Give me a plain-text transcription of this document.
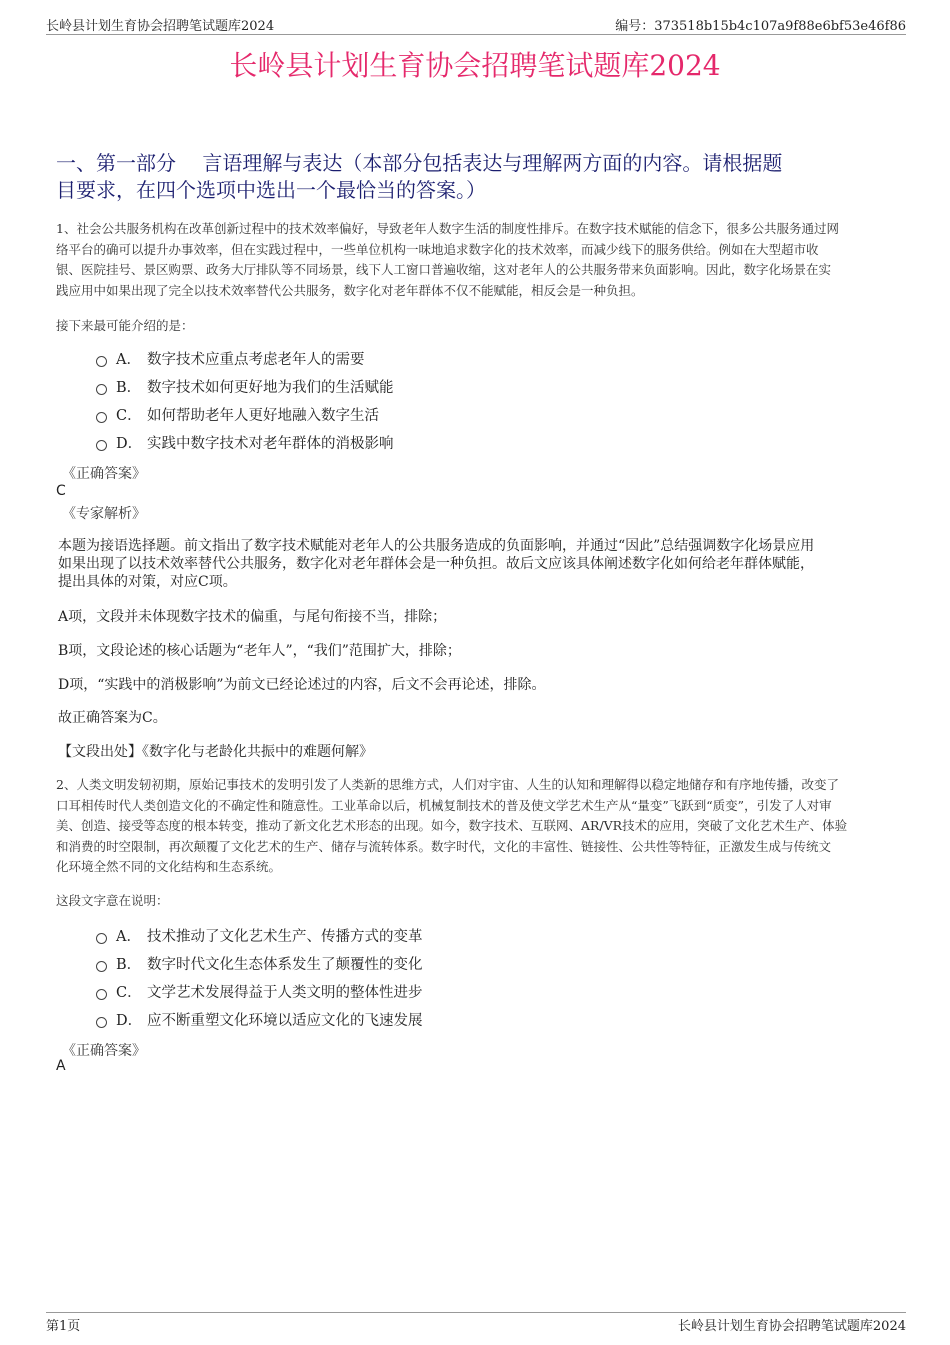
长岭县计划生育协会招聘笔试题库2024	编号：373518b15b4c107a9f88e6bf53e46f86
长岭县计划生育协会招聘笔试题库2024
一、第一部分　 言语理解与表达（本部分包括表达与理解两方面的内容。请根据题
目要求，在四个选项中选出一个最恰当的答案。）
1、社会公共服务机构在改革创新过程中的技术效率偏好，导致老年人数字生活的制度性排斥。在数字技术赋能的信念下，很多公共服务通过网
络平台的确可以提升办事效率，但在实践过程中，一些单位机构一味地追求数字化的技术效率，而减少线下的服务供给。例如在大型超市收
银、医院挂号、景区购票、政务大厅排队等不同场景，线下人工窗口普遍收缩，这对老年人的公共服务带来负面影响。因此，数字化场景在实
践应用中如果出现了完全以技术效率替代公共服务，数字化对老年群体不仅不能赋能，相反会是一种负担。
接下来最可能介绍的是：
A． 数字技术应重点考虑老年人的需要
B． 数字技术如何更好地为我们的生活赋能
C． 如何帮助老年人更好地融入数字生活
D． 实践中数字技术对老年群体的消极影响
《正确答案》
C
《专家解析》
本题为接语选择题。前文指出了数字技术赋能对老年人的公共服务造成的负面影响，并通过“因此”总结强调数字化场景应用
如果出现了以技术效率替代公共服务，数字化对老年群体会是一种负担。故后文应该具体阐述数字化如何给老年群体赋能，
提出具体的对策，对应C项。
A项，文段并未体现数字技术的偏重，与尾句衔接不当，排除；
B项，文段论述的核心话题为“老年人”，“我们”范围扩大，排除；
D项，“实践中的消极影响”为前文已经论述过的内容，后文不会再论述，排除。
故正确答案为C。
【文段出处】《数字化与老龄化共振中的难题何解》
2、人类文明发轫初期，原始记事技术的发明引发了人类新的思维方式，人们对宇宙、人生的认知和理解得以稳定地储存和有序地传播，改变了
口耳相传时代人类创造文化的不确定性和随意性。工业革命以后，机械复制技术的普及使文学艺术生产从“量变”飞跃到“质变”，引发了人对审
美、创造、接受等态度的根本转变，推动了新文化艺术形态的出现。如今，数字技术、互联网、AR/VR技术的应用，突破了文化艺术生产、体验
和消费的时空限制，再次颠覆了文化艺术的生产、储存与流转体系。数字时代，文化的丰富性、链接性、公共性等特征，正激发生成与传统文
化环境全然不同的文化结构和生态系统。
这段文字意在说明：
A． 技术推动了文化艺术生产、传播方式的变革
B． 数字时代文化生态体系发生了颠覆性的变化
C． 文学艺术发展得益于人类文明的整体性进步
D． 应不断重塑文化环境以适应文化的飞速发展
《正确答案》
A
第1页	长岭县计划生育协会招聘笔试题库2024
